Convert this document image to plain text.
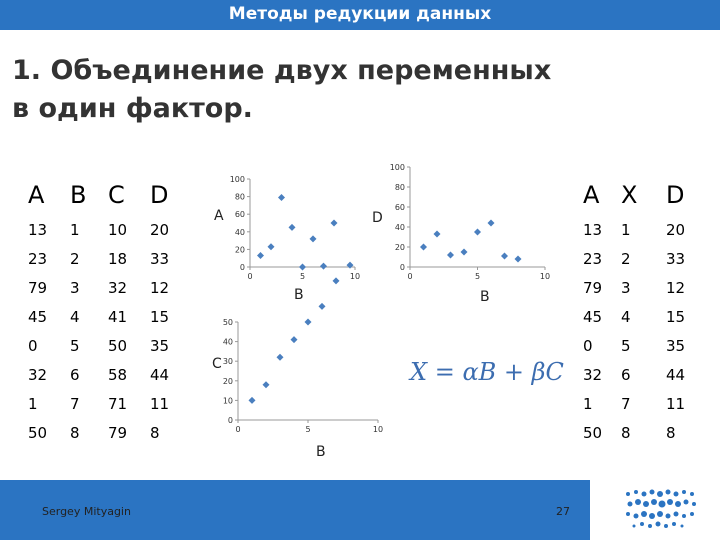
Методы редукции данных
1. Объединение двух переменных в один фактор.
A	B	C	D
13	1	10	20
23	2	18	33
79	3	32	12
45	4	41	15
0	5	50	35
32	6	58	44
1	7	71	11
50	8	79	8
A	X	D
13	1	20
23	2	33
79	3	12
45	4	15
0	5	35
32	6	44
1	7	11
50	8	8
0
20
40
60
80
100
0	5	10
A
B
0
20
40
60
80
100
0	5	10
D
B
0
10
20
30
40
50
0	5	10
C
B
X = αB + βC
Sergey Mityagin	27
